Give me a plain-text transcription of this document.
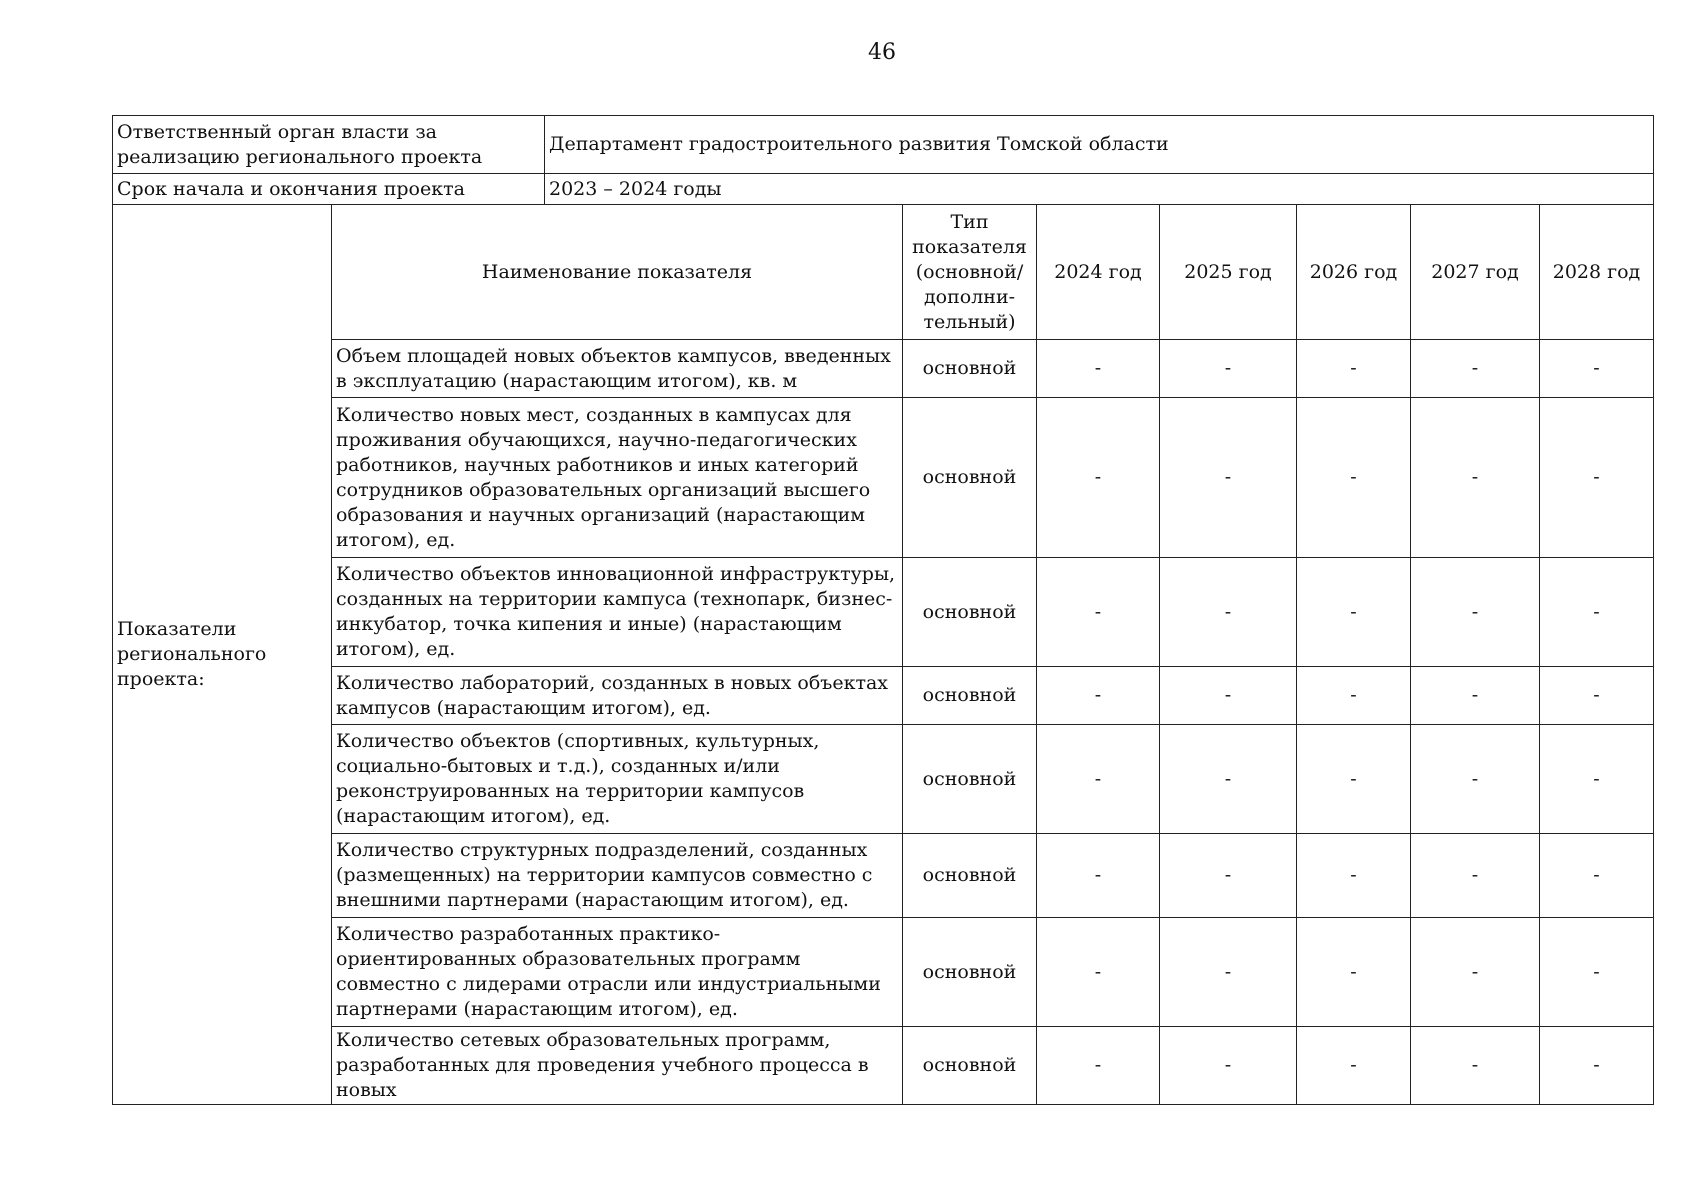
46
Ответственный орган власти за реализацию регионального проекта		Департамент градостроительного развития Томской области						
Срок начала и окончания проекта		2023 – 2024 годы						
Показатели регионального проекта:	Наименование показателя		Тип показателя (основной/ дополни-тельный)	2024 год	2025 год	2026 год	2027 год	2028 год
	Объем площадей новых объектов кампусов, введенных в эксплуатацию (нарастающим итогом), кв. м		основной	-	-	-	-	-
	Количество новых мест, созданных в кампусах для проживания обучающихся, научно-педагогических работников, научных работников и иных категорий сотрудников образовательных организаций высшего образования и научных организаций (нарастающим итогом), ед.		основной	-	-	-	-	-
	Количество объектов инновационной инфраструктуры, созданных на территории кампуса (технопарк, бизнес-инкубатор, точка кипения и иные) (нарастающим итогом), ед.		основной	-	-	-	-	-
	Количество лабораторий, созданных в новых объектах кампусов (нарастающим итогом), ед.		основной	-	-	-	-	-
	Количество объектов (спортивных, культурных, социально-бытовых и т.д.), созданных и/или реконструированных на территории кампусов (нарастающим итогом), ед.		основной	-	-	-	-	-
	Количество структурных подразделений, созданных (размещенных) на территории кампусов совместно с внешними партнерами (нарастающим итогом), ед.		основной	-	-	-	-	-
	Количество разработанных практико-ориентированных образовательных программ совместно с лидерами отрасли или индустриальными партнерами (нарастающим итогом), ед.		основной	-	-	-	-	-
	Количество сетевых образовательных программ, разработанных для проведения учебного процесса в новых		основной	-	-	-	-	-
